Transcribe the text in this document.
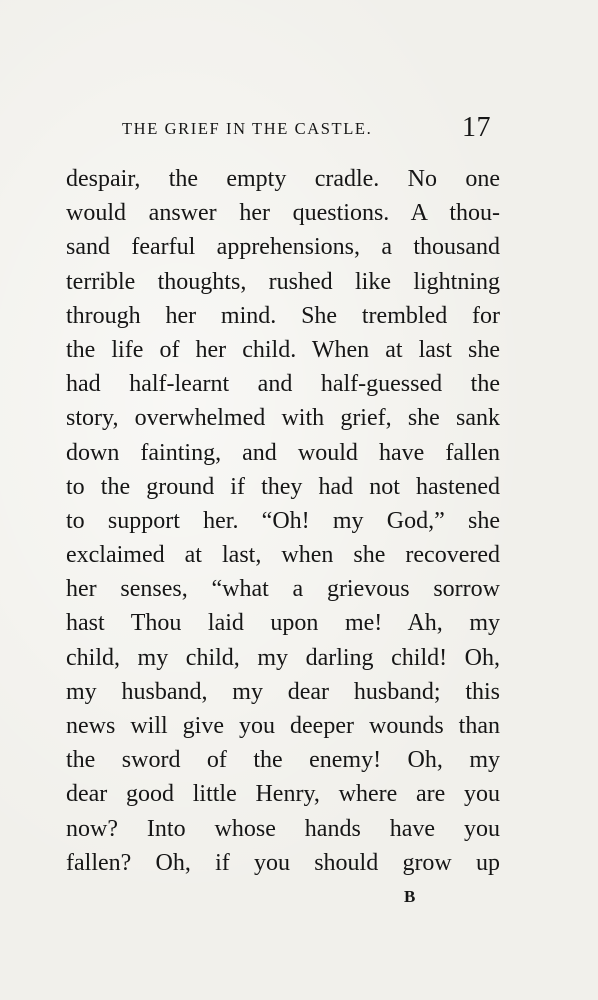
THE GRIEF IN THE CASTLE.	17
despair, the empty cradle. No one
would answer her questions. A thou-
sand fearful apprehensions, a thousand
terrible thoughts, rushed like lightning
through her mind. She trembled for
the life of her child. When at last she
had half-learnt and half-guessed the
story, overwhelmed with grief, she sank
down fainting, and would have fallen
to the ground if they had not hastened
to support her. “Oh! my God,” she
exclaimed at last, when she recovered
her senses, “what a grievous sorrow
hast Thou laid upon me! Ah, my
child, my child, my darling child! Oh,
my husband, my dear husband; this
news will give you deeper wounds than
the sword of the enemy! Oh, my
dear good little Henry, where are you
now? Into whose hands have you
fallen? Oh, if you should grow up
B
